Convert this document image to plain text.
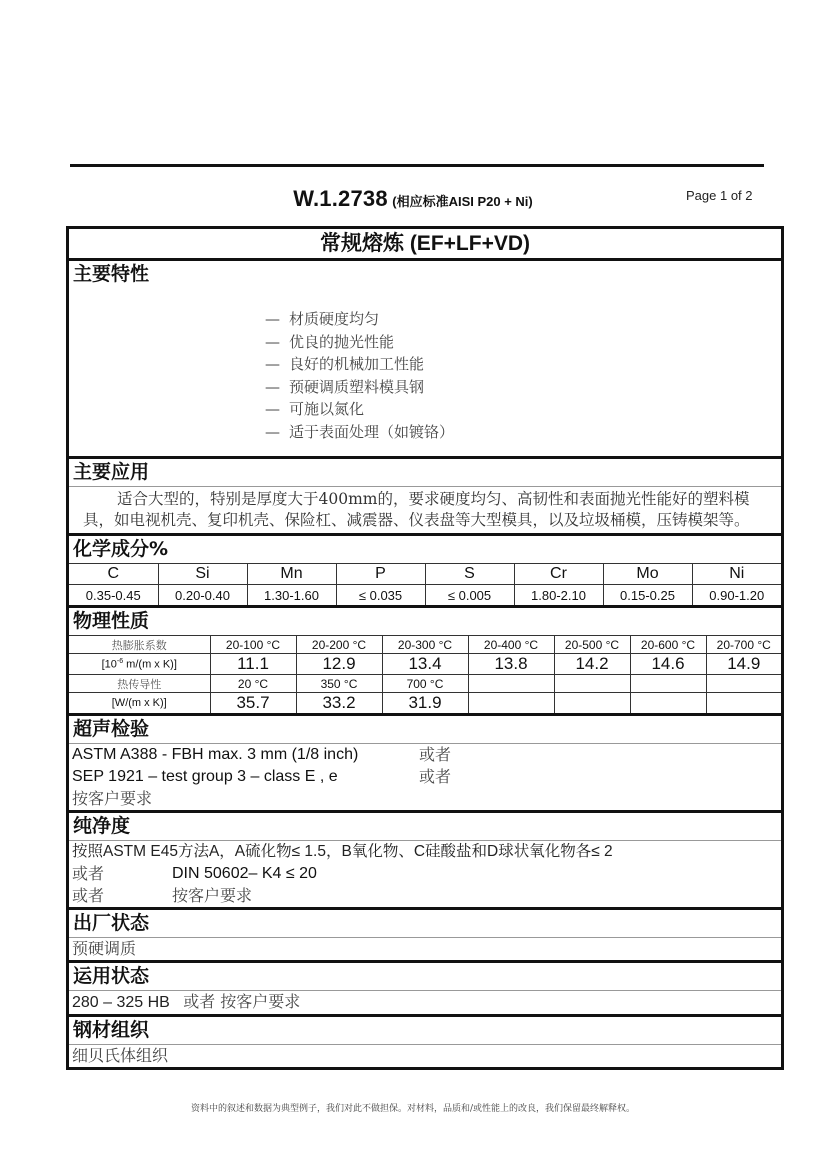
W.1.2738 (相应标准AISI P20 + Ni)	Page 1 of 2
常规熔炼 (EF+LF+VD)
主要特性
— 材质硬度均匀
— 优良的抛光性能
— 良好的机械加工性能
— 预硬调质塑料模具钢
— 可施以氮化
— 适于表面处理（如镀铬）
主要应用
适合大型的，特别是厚度大于400mm的，要求硬度均匀、高韧性和表面抛光性能好的塑料模具，如电视机壳、复印机壳、保险杠、减震器、仪表盘等大型模具，以及垃圾桶模，压铸模架等。
化学成分%
C	Si	Mn	P	S	Cr	Mo	Ni
0.35-0.45	0.20-0.40	1.30-1.60	≤ 0.035	≤ 0.005	1.80-2.10	0.15-0.25	0.90-1.20
物理性质
热膨胀系数	20-100 °C	20-200 °C	20-300 °C	20-400 °C	20-500 °C	20-600 °C	20-700 °C
[$10^{-6}$ m/(m x K)]	11.1	12.9	13.4	13.8	14.2	14.6	14.9
热传导性	20 °C	350 °C	700 °C				
[W/(m x K)]	35.7	33.2	31.9				
超声检验
ASTM A388 - FBH max. 3 mm (1/8 inch)	或者
SEP 1921 – test group 3 – class E , e	或者
按客户要求
纯净度
按照ASTM E45方法A，A硫化物≤ 1.5，B氧化物、C硅酸盐和D球状氧化物各≤ 2
或者	DIN 50602– K4 ≤ 20
或者	按客户要求
出厂状态
预硬调质
运用状态
280 – 325 HB 或者 按客户要求
钢材组织
细贝氏体组织
资料中的叙述和数据为典型例子，我们对此不做担保。对材料，品质和/或性能上的改良，我们保留最终解释权。
